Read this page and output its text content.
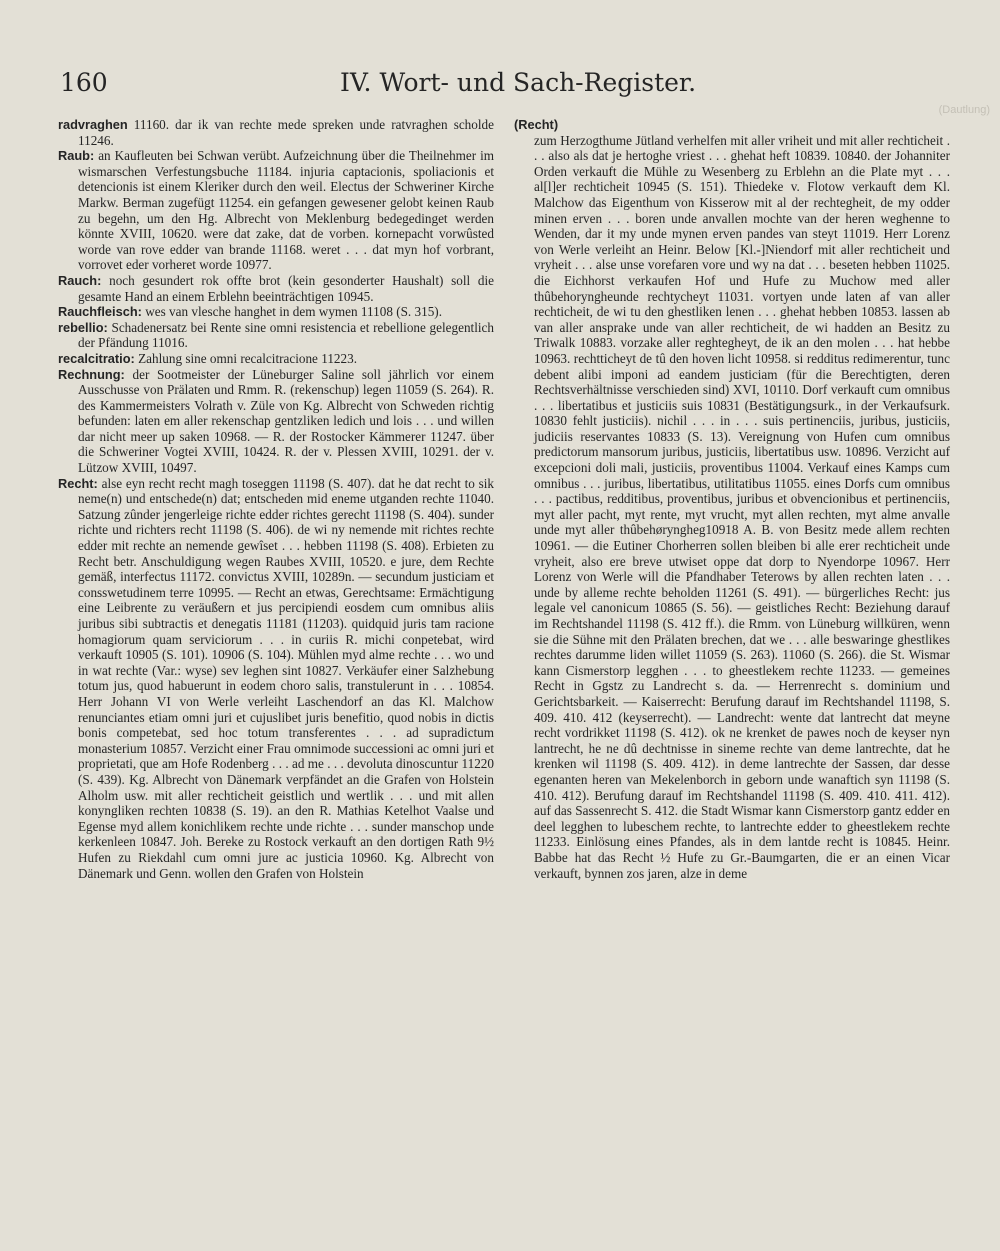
160	IV. Wort- und Sach-Register.
(Dautlung)

radvraghen 11160. dar ik van rechte mede spreken unde ratvraghen scholde 11246.

Raub: an Kaufleuten bei Schwan verübt. Aufzeichnung über die Theilnehmer im wismarschen Verfestungsbuche 11184. injuria captacionis, spoliacionis et detencionis ist einem Kleriker durch den weil. Electus der Schweriner Kirche Markw. Berman zugefügt 11254. ein gefangen gewesener gelobt keinen Raub zu begehn, um den Hg. Albrecht von Meklenburg bedegedinget werden könnte XVIII, 10620. were dat zake, dat de vorben. kornepacht vorwûsted worde van rove edder van brande 11168. weret . . . dat myn hof vorbrant, vorrovet eder vorheret worde 10977.

Rauch: noch gesundert rok offte brot (kein gesonderter Haushalt) soll die gesamte Hand an einem Erblehn beeinträchtigen 10945.

Rauchfleisch: wes van vlesche hanghet in dem wymen 11108 (S. 315).

rebellio: Schadenersatz bei Rente sine omni resistencia et rebellione gelegentlich der Pfändung 11016.

recalcitratio: Zahlung sine omni recalcitracione 11223.

Rechnung: der Sootmeister der Lüneburger Saline soll jährlich vor einem Ausschusse von Prälaten und Rmm. R. (rekenschup) legen 11059 (S. 264). R. des Kammermeisters Volrath v. Züle von Kg. Albrecht von Schweden richtig befunden: laten em aller rekenschap gentzliken ledich und lois . . . und willen dar nicht meer up saken 10968. — R. der Rostocker Kämmerer 11247. über die Schweriner Vogtei XVIII, 10424. R. der v. Plessen XVIII, 10291. der v. Lützow XVIII, 10497.

Recht: alse eyn recht recht magh toseggen 11198 (S. 407). dat he dat recht to sik neme(n) und entschede(n) dat; entscheden mid eneme utganden rechte 11040. Satzung zûnder jengerleige richte edder richtes gerecht 11198 (S. 404). sunder richte und richters recht 11198 (S. 406). de wi ny nemende mit richtes rechte edder mit rechte an nemende gewîset . . . hebben 11198 (S. 408). Erbieten zu Recht betr. Anschuldigung wegen Raubes XVIII, 10520. e jure, dem Rechte gemäß, interfectus 11172. convictus XVIII, 10289n. — secundum justiciam et consswetudinem terre 10995. — Recht an etwas, Gerechtsame: Ermächtigung eine Leibrente zu veräußern et jus percipiendi eosdem cum omnibus aliis juribus sibi subtractis et denegatis 11181 (11203). quidquid juris tam racione homagiorum quam serviciorum . . . in curiis R. michi conpetebat, wird verkauft 10905 (S. 101). 10906 (S. 104). Mühlen myd alme rechte . . . wo und in wat rechte (Var.: wyse) sev leghen sint 10827. Verkäufer einer Salzhebung totum jus, quod habuerunt in eodem choro salis, transtulerunt in . . . 10854. Herr Johann VI von Werle verleiht Laschendorf an das Kl. Malchow renunciantes etiam omni juri et cujuslibet juris benefitio, quod nobis in dictis bonis competebat, sed hoc totum transferentes . . . ad supradictum monasterium 10857. Verzicht einer Frau omnimode successioni ac omni juri et proprietati, que am Hofe Rodenberg . . . ad me . . . devoluta dinoscuntur 11220 (S. 439). Kg. Albrecht von Dänemark verpfändet an die Grafen von Holstein Alholm usw. mit aller rechticheit geistlich und wertlik . . . und mit allen konyngliken rechten 10838 (S. 19). an den R. Mathias Ketelhot Vaalse und Egense myd allem konichlikem rechte unde richte . . . sunder manschop unde kerkenleen 10847. Joh. Bereke zu Rostock verkauft an den dortigen Rath 9½ Hufen zu Riekdahl cum omni jure ac justicia 10960. Kg. Albrecht von Dänemark und Genn. wollen den Grafen von Holstein

(Recht)
zum Herzogthume Jütland verhelfen mit aller vriheit und mit aller rechticheit . . . also als dat je hertoghe vriest . . . ghehat heft 10839. 10840. der Johanniter Orden verkauft die Mühle zu Wesenberg zu Erblehn an die Plate myt . . . al[l]er rechticheit 10945 (S. 151). Thiedeke v. Flotow verkauft dem Kl. Malchow das Eigenthum von Kisserow mit al der rechtegheit, de my odder minen erven . . . boren unde anvallen mochte van der heren weghenne to Wenden, dar it my unde mynen erven pandes van steyt 11019. Herr Lorenz von Werle verleiht an Heinr. Below [Kl.-]Niendorf mit aller rechticheit und vryheit . . . alse unse vorefaren vore und wy na dat . . . beseten hebben 11025. die Eichhorst verkaufen Hof und Hufe zu Muchow med aller thûbehoryngheunde rechtycheyt 11031. vortyen unde laten af van aller rechticheit, de wi tu den ghestliken lenen . . . ghehat hebben 10853. lassen ab van aller ansprake unde van aller rechticheit, de wi hadden an Besitz zu Triwalk 10883. vorzake aller reghtegheyt, de ik an den molen . . . hat hebbe 10963. rechtticheyt de tû den hoven licht 10958. si redditus redimerentur, tunc debent alibi imponi ad eandem justiciam (für die Berechtigten, deren Rechtsverhältnisse verschieden sind) XVI, 10110. Dorf verkauft cum omnibus . . . libertatibus et justiciis suis 10831 (Bestätigungsurk., in der Verkaufsurk. 10830 fehlt justiciis). nichil . . . in . . . suis pertinenciis, juribus, justiciis, judiciis reservantes 10833 (S. 13). Vereignung von Hufen cum omnibus predictorum mansorum juribus, justiciis, libertatibus usw. 10896. Verzicht auf excepcioni doli mali, justiciis, proventibus 11004. Verkauf eines Kamps cum omnibus . . . juribus, libertatibus, utilitatibus 11055. eines Dorfs cum omnibus . . . pactibus, redditibus, proventibus, juribus et obvencionibus et pertinenciis, myt aller pacht, myt rente, myt vrucht, myt allen rechten, myt alme anvalle unde myt aller thûbehøryngheg10918 A. B. von Besitz mede allem rechten 10961. — die Eutiner Chorherren sollen bleiben bi alle erer rechticheit unde vryheit, also ere breve utwiset oppe dat dorp to Nyendorpe 10967. Herr Lorenz von Werle will die Pfandhaber Teterows by allen rechten laten . . . unde by alleme rechte beholden 11261 (S. 491). — bürgerliches Recht: jus legale vel canonicum 10865 (S. 56). — geistliches Recht: Beziehung darauf im Rechtshandel 11198 (S. 412 ff.). die Rmm. von Lüneburg willküren, wenn sie die Sühne mit den Prälaten brechen, dat we . . . alle beswaringe ghestlikes rechtes darumme liden willet 11059 (S. 263). 11060 (S. 266). die St. Wismar kann Cismerstorp legghen . . . to gheestlekem rechte 11233. — gemeines Recht in Ggstz zu Landrecht s. da. — Herrenrecht s. dominium und Gerichtsbarkeit. — Kaiserrecht: Berufung darauf im Rechtshandel 11198, S. 409. 410. 412 (keyserrecht). — Landrecht: wente dat lantrecht dat meyne recht vordrikket 11198 (S. 412). ok ne krenket de pawes noch de keyser nyn lantrecht, he ne dû dechtnisse in sineme rechte van deme lantrechte, dat he krenken wil 11198 (S. 409. 412). in deme lantrechte der Sassen, dar desse egenanten heren van Mekelenborch in geborn unde wanaftich syn 11198 (S. 410. 412). Berufung darauf im Rechtshandel 11198 (S. 409. 410. 411. 412). auf das Sassenrecht S. 412. die Stadt Wismar kann Cismerstorp gantz edder en deel legghen to lubeschem rechte, to lantrechte edder to gheestlekem rechte 11233. Einlösung eines Pfandes, als in dem lantde recht is 10845. Heinr. Babbe hat das Recht ½ Hufe zu Gr.-Baumgarten, die er an einen Vicar verkauft, bynnen zos jaren, alze in deme
